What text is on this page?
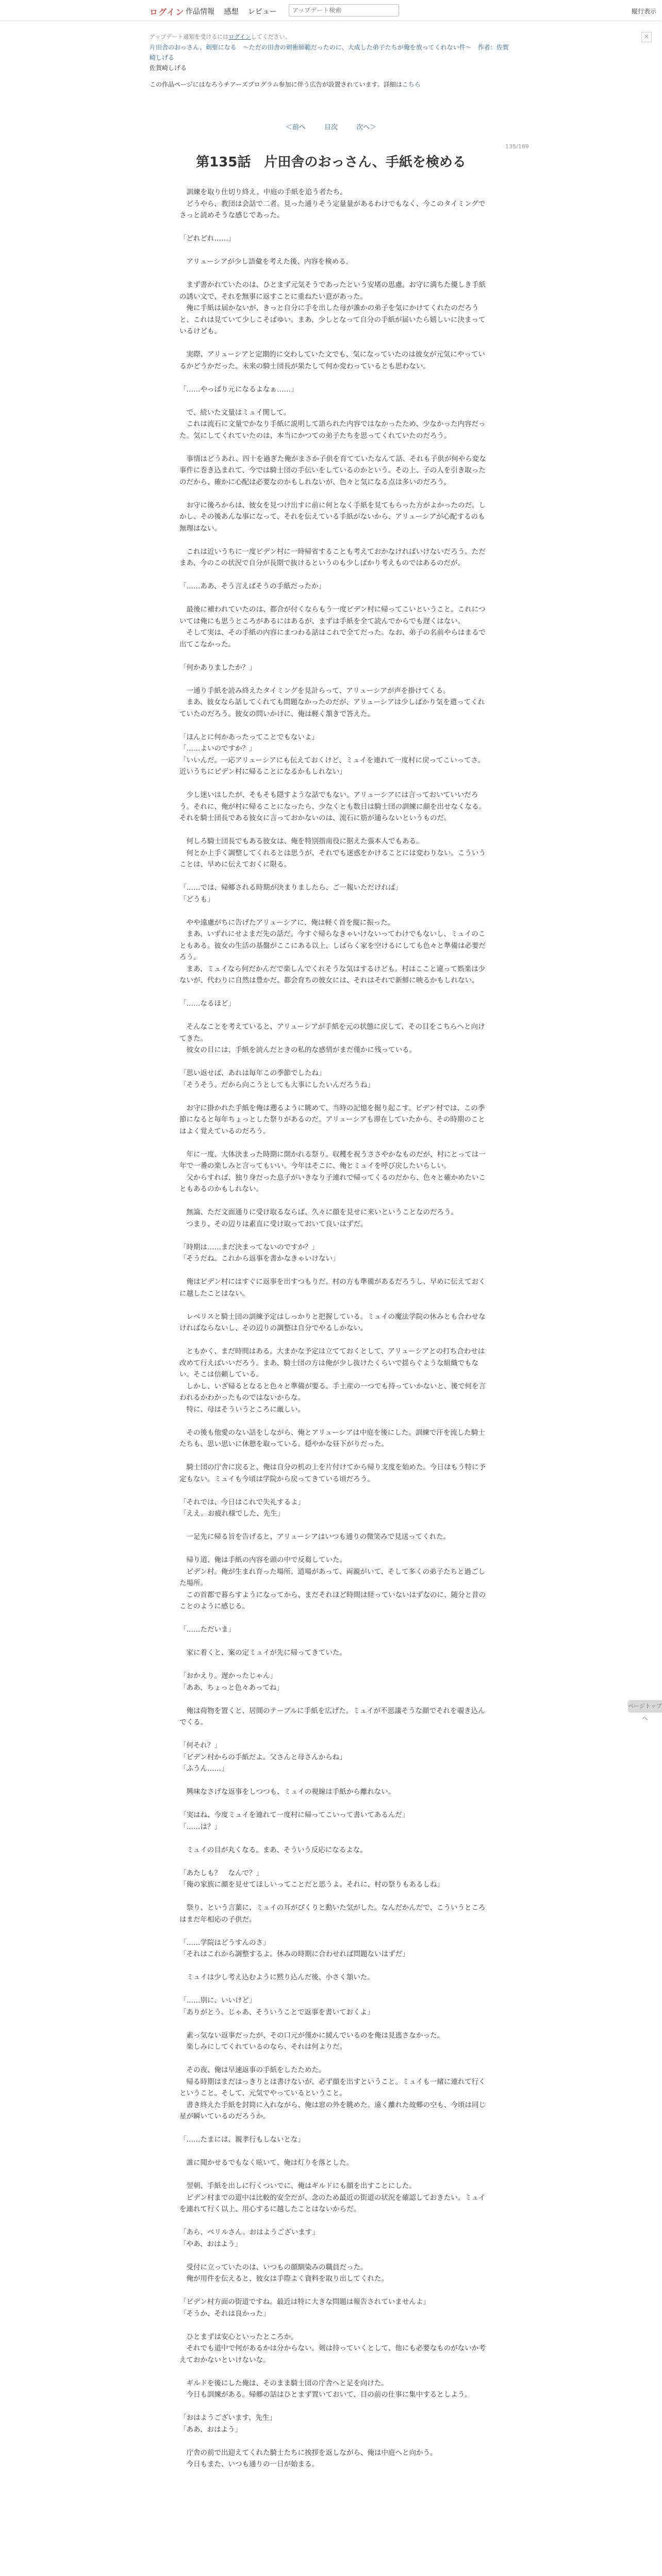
ログイン 作品情報 感想 レビュー
アップデート検索	縦行表示
アップデート通知を受けるにはログインしてください。
片田舎のおっさん、剣聖になる　～ただの田舎の剣術師範だったのに、大成した弟子たちが俺を放ってくれない件～　作者：佐賀崎しげる
佐賀崎しげる
この作品ページにはなろうチアーズプログラム参加に伴う広告が設置されています。詳細はこちら
×
＜前へ	目次	次へ＞
135/169
第135話　片田舎のおっさん、手紙を検める

　訓練を取り仕切り終え、中庭の手紙を追う者たち。

　どうやら、教団は会話で二者。見った通りそう定量量があるわけでもなく、今このタイミングでさっと読めそうな感じであった。

「どれどれ……」

　アリューシアが少し語彙を考えた後、内容を検める。

　まず書かれていたのは、ひとまず元気そうであったという安堵の思慮。お守に満ちた優しき手紙の誘い文で、それを無事に返すことに重ねたい意があった。

　俺に手紙は届かないが、きっと自分に手を出した母が誰かの弟子を気にかけてくれたのだろうと、これは見ていて少しこそばゆい。まあ、少しとなって自分の手紙が届いたら嬉しいに決まっているけども。

　実際、アリューシアと定期的に交わしていた文でも、気になっていたのは彼女が元気にやっているかどうかだった。未来の騎士団長が果たして何か変わっているとも思わない。

「……やっぱり元になるよなぁ……」

　で、続いた文量はミュイ関して。

　これは流石に文量でかなり手紙に説明して語られた内容ではなかったため、少なかった内容だった。気にしてくれていたのは、本当にかつての弟子たちを思ってくれていたのだろう。

　事情はどうあれ、四十を過ぎた俺がまさか子供を育てていたなんて話、それも子供が何やら変な事件に巻き込まれて、今では騎士団の手伝いをしているのかという。その上、子の人を引き取ったのだから、確かに心配は必要なのかもしれないが、色々と気になる点は多いのだろう。

　お守に後ろからは、彼女を見つけ出すに前に何となく手紙を見てもらった方がよかったのだ。しかし、その後あんな事になって、それを伝えている手紙がないから、アリューシアが心配するのも無理はない。

　これは近いうちに一度ビデン村に一時帰省することも考えておかなければいけないだろう。ただまあ、今のこの状況で自分が長期で抜けるというのも少しばかり考えものではあるのだが。

「……ああ、そう言えばそうの手紙だったか」

　最後に補われていたのは、都合が付くならもう一度ビデン村に帰ってこいということ。これについては俺にも思うところがあるにはあるが、まずは手紙を全て読んでからでも遅くはない。

　そして実は、その手紙の内容にまつわる話はこれで全てだった。なお、弟子の名前やらはまるで出てこなかった。

「何かありましたか？」

　一通り手紙を読み終えたタイミングを見計らって、アリューシアが声を掛けてくる。

　まあ、彼女なら話してくれても問題なかったのだが、アリューシアは少しばかり気を遣ってくれていたのだろう。彼女の問いかけに、俺は軽く頷きで答えた。

「ほんとに何かあったってことでもないよ」

「……よいのですか？」

「いいんだ。一応アリューシアにも伝えておくけど、ミュイを連れて一度村に戻ってこいってさ。近いうちにビデン村に帰ることになるかもしれない」

　少し迷いはしたが、そもそも隠すような話でもない。アリューシアには言っておいていいだろう。それに、俺が村に帰ることになったら、少なくとも数日は騎士団の訓練に顔を出せなくなる。それを騎士団長である彼女に言っておかないのは、流石に筋が通らないというものだ。

　何しろ騎士団長でもある彼女は、俺を特別指南役に据えた張本人でもある。

　何とか上手く調整してくれるとは思うが、それでも迷惑をかけることには変わりない。こういうことは、早めに伝えておくに限る。

「……では、帰郷される時期が決まりましたら、ご一報いただければ」

「どうも」

　やや遠慮がちに告げたアリューシアに、俺は軽く首を縦に振った。

　まあ、いずれにせよまだ先の話だ。今すぐ帰らなきゃいけないってわけでもないし、ミュイのこともある。彼女の生活の基盤がここにある以上、しばらく家を空けるにしても色々と準備は必要だろう。

　まあ、ミュイなら何だかんだで楽しんでくれそうな気はするけども。村はここと違って娯楽は少ないが、代わりに自然は豊かだ。都会育ちの彼女には、それはそれで新鮮に映るかもしれない。

「……なるほど」

　そんなことを考えていると、アリューシアが手紙を元の状態に戻して、その目をこちらへと向けてきた。

　彼女の目には、手紙を読んだときの私的な感情がまだ僅かに残っている。

「思い返せば、あれは毎年この季節でしたね」

「そうそう。だから向こうとしても大事にしたいんだろうね」

　お守に掛かれた手紙を俺は遡るように眺めて、当時の記憶を掘り起こす。ビデン村では、この季節になると毎年ちょっとした祭りがあるのだ。アリューシアも滞在していたから、その時期のことはよく覚えているのだろう。

　年に一度、大体決まった時期に開かれる祭り。収穫を祝うささやかなものだが、村にとっては一年で一番の楽しみと言ってもいい。今年はそこに、俺とミュイを呼び戻したいらしい。

　父からすれば、独り身だった息子がいきなり子連れで帰ってくるのだから、色々と確かめたいこともあるのかもしれない。

　無論、ただ文面通りに受け取るならば、久々に顔を見せに来いということなのだろう。

　つまり、その辺りは素直に受け取っておいて良いはずだ。

「時期は……まだ決まってないのですか？」

「そうだね。これから返事を書かなきゃいけない」

　俺はビデン村にはすぐに返事を出すつもりだ。村の方も準備があるだろうし、早めに伝えておくに越したことはない。

　レベリスと騎士団の訓練予定はしっかりと把握している。ミュイの魔法学院の休みとも合わせなければならないし、その辺りの調整は自分でやるしかない。

　ともかく、まだ時間はある。大まかな予定は立てておくとして、アリューシアとの打ち合わせは改めて行えばいいだろう。まあ、騎士団の方は俺が少し抜けたくらいで揺らぐような組織でもない。そこは信頼している。

　しかし、いざ帰るとなると色々と準備が要る。手土産の一つでも持っていかないと、後で何を言われるかわかったものではないからな。

　特に、母はそういうところに厳しい。

　その後も他愛のない話をしながら、俺とアリューシアは中庭を後にした。訓練で汗を流した騎士たちも、思い思いに休憩を取っている。穏やかな昼下がりだった。

　騎士団の庁舎に戻ると、俺は自分の机の上を片付けてから帰り支度を始めた。今日はもう特に予定もない。ミュイも今頃は学院から戻ってきている頃だろう。

「それでは、今日はこれで失礼するよ」

「ええ。お疲れ様でした、先生」

　一足先に帰る旨を告げると、アリューシアはいつも通りの微笑みで見送ってくれた。

　帰り道、俺は手紙の内容を頭の中で反芻していた。

　ビデン村。俺が生まれ育った場所。道場があって、両親がいて、そして多くの弟子たちと過ごした場所。

　この首都で暮らすようになってから、まだそれほど時間は経っていないはずなのに、随分と昔のことのように感じる。

「……ただいま」

　家に着くと、案の定ミュイが先に帰ってきていた。

「おかえり。遅かったじゃん」

「ああ、ちょっと色々あってね」

　俺は荷物を置くと、居間のテーブルに手紙を広げた。ミュイが不思議そうな顔でそれを覗き込んでくる。

「何それ？」

「ビデン村からの手紙だよ。父さんと母さんからね」

「ふうん……」

　興味なさげな返事をしつつも、ミュイの視線は手紙から離れない。

「実はね、今度ミュイを連れて一度村に帰ってこいって書いてあるんだ」

「……は？」

　ミュイの目が丸くなる。まあ、そういう反応になるよな。

「あたしも？　なんで？」

「俺の家族に顔を見せてほしいってことだと思うよ。それに、村の祭りもあるしね」

　祭り、という言葉に、ミュイの耳がぴくりと動いた気がした。なんだかんだで、こういうところはまだ年相応の子供だ。

「……学院はどうすんのさ」

「それはこれから調整するよ。休みの時期に合わせれば問題ないはずだ」

　ミュイは少し考え込むように黙り込んだ後、小さく頷いた。

「……別に、いいけど」

「ありがとう。じゃあ、そういうことで返事を書いておくよ」

　素っ気ない返事だったが、その口元が僅かに緩んでいるのを俺は見逃さなかった。

　楽しみにしてくれているのなら、それは何よりだ。

　その夜、俺は早速返事の手紙をしたためた。

　帰る時期はまだはっきりとは書けないが、必ず顔を出すということ。ミュイも一緒に連れて行くということ。そして、元気でやっているということ。

　書き終えた手紙を封筒に入れながら、俺は窓の外を眺めた。遠く離れた故郷の空も、今頃は同じ星が瞬いているのだろうか。

「……たまには、親孝行もしないとな」

　誰に聞かせるでもなく呟いて、俺は灯りを落とした。

　翌朝、手紙を出しに行くついでに、俺はギルドにも顔を出すことにした。

　ビデン村までの道中は比較的安全だが、念のため最近の街道の状況を確認しておきたい。ミュイを連れて行く以上、用心するに越したことはないからだ。

「あら、ベリルさん。おはようございます」

「やあ、おはよう」

　受付に立っていたのは、いつもの顔馴染みの職員だった。

　俺が用件を伝えると、彼女は手際よく資料を取り出してくれた。

「ビデン村方面の街道ですね。最近は特に大きな問題は報告されていませんよ」

「そうか、それは良かった」

　ひとまずは安心といったところか。

　それでも道中で何があるかは分からない。剣は持っていくとして、他にも必要なものがないか考えておかないといけないな。

　ギルドを後にした俺は、そのまま騎士団の庁舎へと足を向けた。

　今日も訓練がある。帰郷の話はひとまず置いておいて、目の前の仕事に集中するとしよう。

「おはようございます、先生」

「ああ、おはよう」

　庁舎の前で出迎えてくれた騎士たちに挨拶を返しながら、俺は中庭へと向かう。

　今日もまた、いつも通りの一日が始まる。

ページトップへ
